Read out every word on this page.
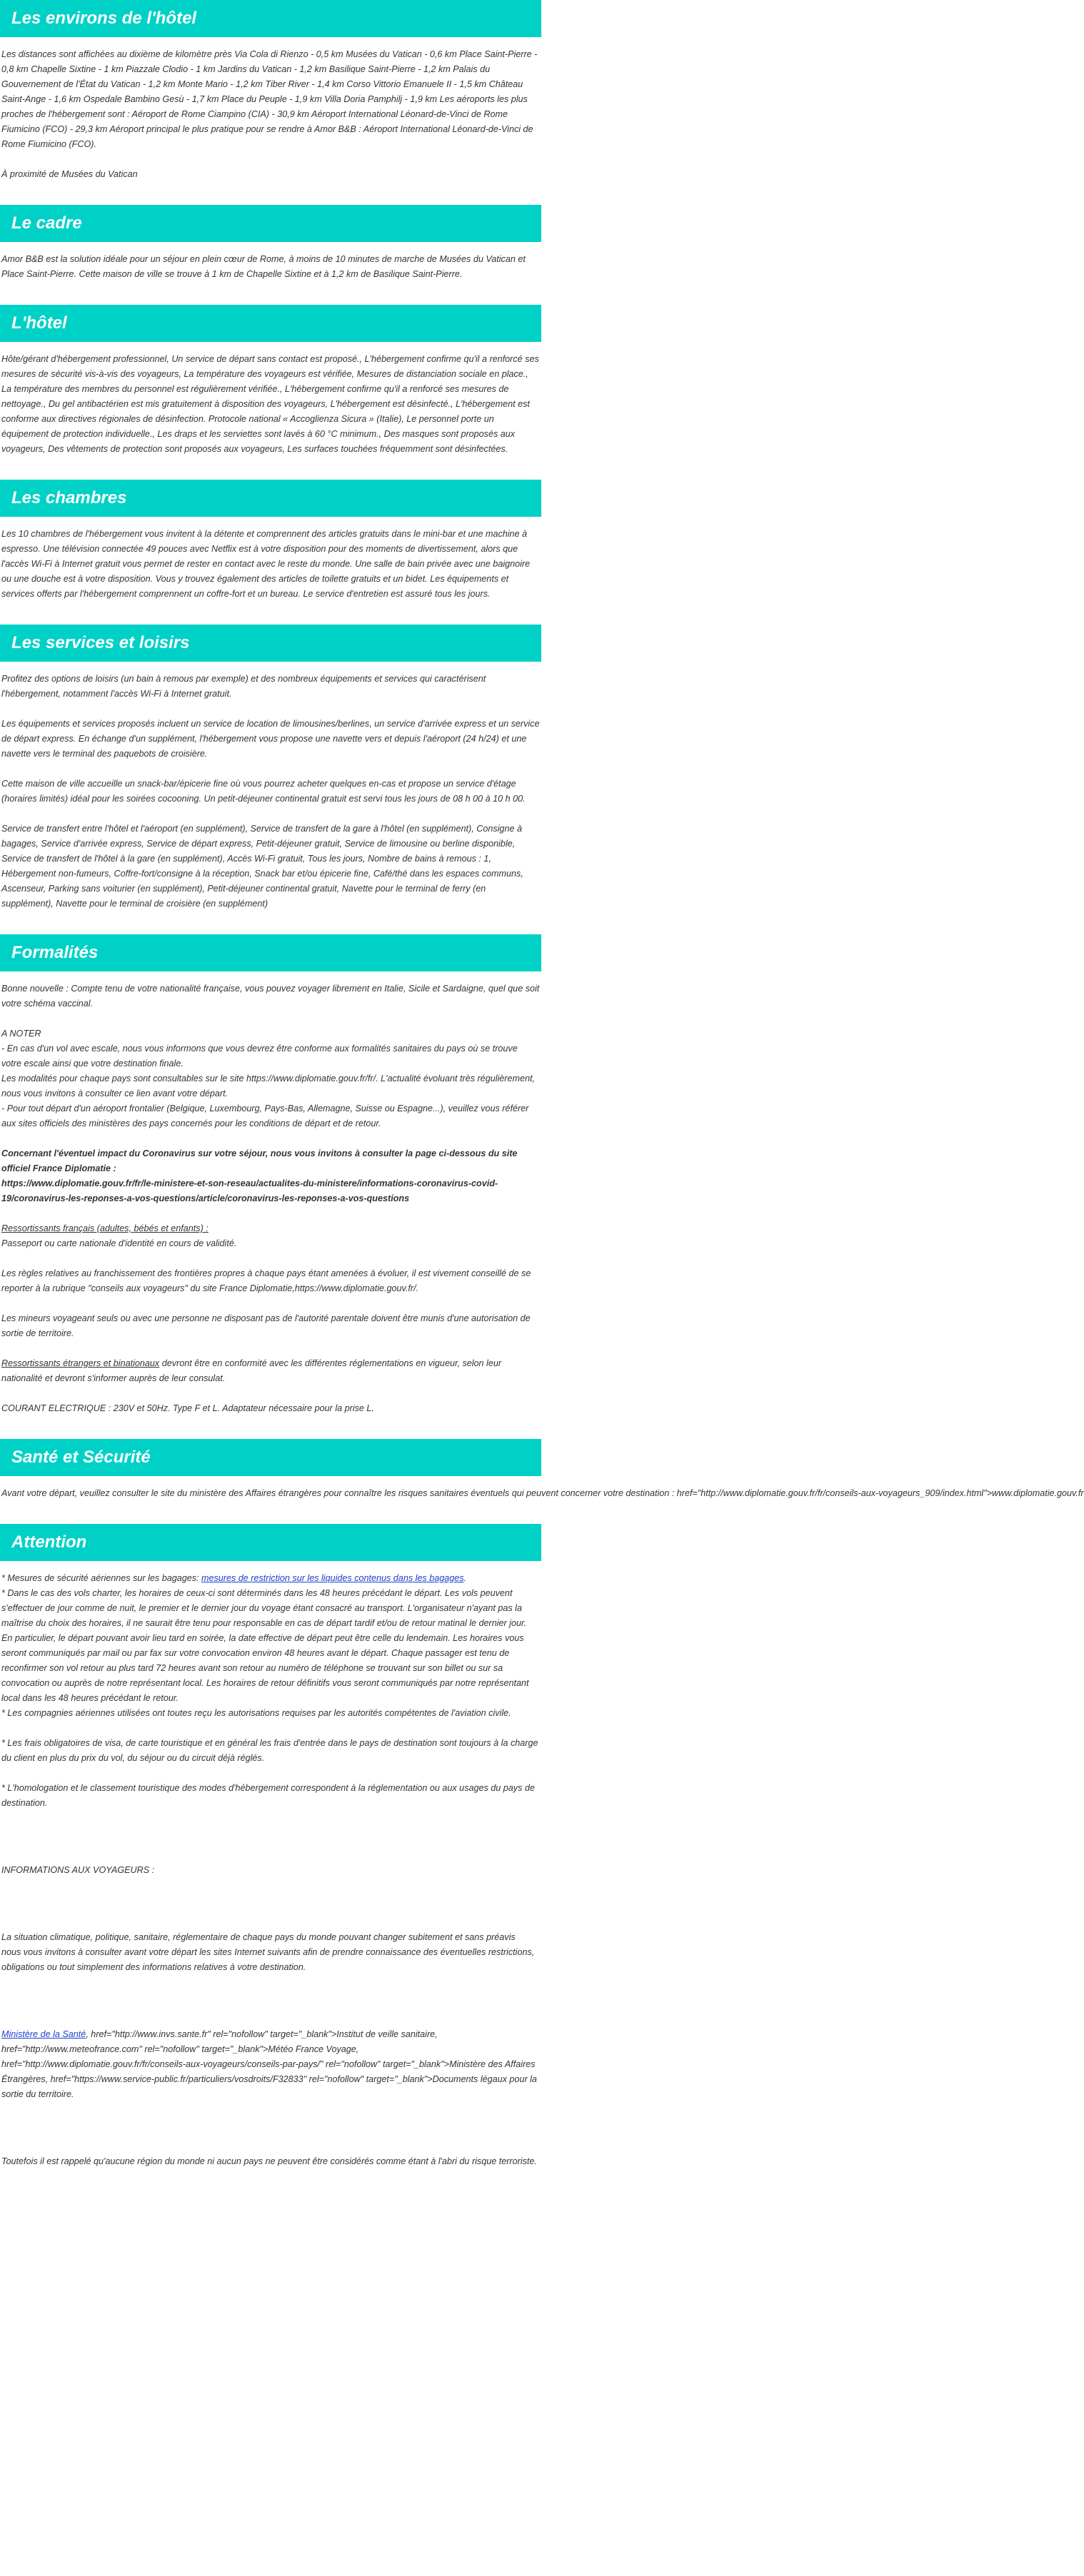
Les environs de l'hôtel

Les distances sont affichées au dixième de kilomètre près Via Cola di Rienzo - 0,5 km Musées du Vatican - 0,6 km Place Saint-Pierre - 0,8 km Chapelle Sixtine - 1 km Piazzale Clodio - 1 km Jardins du Vatican - 1,2 km Basilique Saint-Pierre - 1,2 km Palais du Gouvernement de l'État du Vatican - 1,2 km Monte Mario - 1,2 km Tiber River - 1,4 km Corso Vittorio Emanuele II - 1,5 km Château Saint-Ange - 1,6 km Ospedale Bambino Gesù - 1,7 km Place du Peuple - 1,9 km Villa Doria Pamphilj - 1,9 km Les aéroports les plus proches de l'hébergement sont : Aéroport de Rome Ciampino (CIA) - 30,9 km Aéroport International Léonard-de-Vinci de Rome Fiumicino (FCO) - 29,3 km Aéroport principal le plus pratique pour se rendre à Amor B&B : Aéroport International Léonard-de-Vinci de Rome Fiumicino (FCO).

À proximité de Musées du Vatican

Le cadre

Amor B&B est la solution idéale pour un séjour en plein cœur de Rome, à moins de 10 minutes de marche de Musées du Vatican et Place Saint-Pierre. Cette maison de ville se trouve à 1 km de Chapelle Sixtine et à 1,2 km de Basilique Saint-Pierre.

L'hôtel

Hôte/gérant d'hébergement professionnel, Un service de départ sans contact est proposé., L'hébergement confirme qu'il a renforcé ses mesures de sécurité vis-à-vis des voyageurs, La température des voyageurs est vérifiée, Mesures de distanciation sociale en place., La température des membres du personnel est régulièrement vérifiée., L'hébergement confirme qu'il a renforcé ses mesures de nettoyage., Du gel antibactérien est mis gratuitement à disposition des voyageurs, L'hébergement est désinfecté., L'hébergement est conforme aux directives régionales de désinfection. Protocole national « Accoglienza Sicura » (Italie), Le personnel porte un équipement de protection individuelle., Les draps et les serviettes sont lavés à 60 °C minimum., Des masques sont proposés aux voyageurs, Des vêtements de protection sont proposés aux voyageurs, Les surfaces touchées fréquemment sont désinfectées.

Les chambres

Les 10 chambres de l'hébergement vous invitent à la détente et comprennent des articles gratuits dans le mini-bar et une machine à espresso. Une télévision connectée 49 pouces avec Netflix est à votre disposition pour des moments de divertissement, alors que l'accès Wi-Fi à Internet gratuit vous permet de rester en contact avec le reste du monde. Une salle de bain privée avec une baignoire ou une douche est à votre disposition. Vous y trouvez également des articles de toilette gratuits et un bidet. Les équipements et services offerts par l'hébergement comprennent un coffre-fort et un bureau. Le service d'entretien est assuré tous les jours.

Les services et loisirs

Profitez des options de loisirs (un bain à remous par exemple) et des nombreux équipements et services qui caractérisent l'hébergement, notamment l'accès Wi-Fi à Internet gratuit.

Les équipements et services proposés incluent un service de location de limousines/berlines, un service d'arrivée express et un service de départ express. En échange d'un supplément, l'hébergement vous propose une navette vers et depuis l'aéroport (24 h/24) et une navette vers le terminal des paquebots de croisière.

Cette maison de ville accueille un snack-bar/épicerie fine où vous pourrez acheter quelques en-cas et propose un service d'étage (horaires limités) idéal pour les soirées cocooning. Un petit-déjeuner continental gratuit est servi tous les jours de 08 h 00 à 10 h 00.

Service de transfert entre l'hôtel et l'aéroport (en supplément), Service de transfert de la gare à l'hôtel (en supplément), Consigne à bagages, Service d'arrivée express, Service de départ express, Petit-déjeuner gratuit, Service de limousine ou berline disponible, Service de transfert de l'hôtel à la gare (en supplément), Accès Wi-Fi gratuit, Tous les jours, Nombre de bains à remous : 1, Hébergement non-fumeurs, Coffre-fort/consigne à la réception, Snack bar et/ou épicerie fine, Café/thé dans les espaces communs, Ascenseur, Parking sans voiturier (en supplément), Petit-déjeuner continental gratuit, Navette pour le terminal de ferry (en supplément), Navette pour le terminal de croisière (en supplément)

Formalités

Bonne nouvelle : Compte tenu de votre nationalité française, vous pouvez voyager librement en Italie, Sicile et Sardaigne, quel que soit votre schéma vaccinal.

A NOTER
- En cas d'un vol avec escale, nous vous informons que vous devrez être conforme aux formalités sanitaires du pays où se trouve votre escale ainsi que votre destination finale.
Les modalités pour chaque pays sont consultables sur le site https://www.diplomatie.gouv.fr/fr/. L'actualité évoluant très régulièrement, nous vous invitons à consulter ce lien avant votre départ.
- Pour tout départ d'un aéroport frontalier (Belgique, Luxembourg, Pays-Bas, Allemagne, Suisse ou Espagne...), veuillez vous référer aux sites officiels des ministères des pays concernés pour les conditions de départ et de retour.

Concernant l'éventuel impact du Coronavirus sur votre séjour, nous vous invitons à consulter la page ci-dessous du site officiel France Diplomatie :
https://www.diplomatie.gouv.fr/fr/le-ministere-et-son-reseau/actualites-du-ministere/informations-coronavirus-covid-19/coronavirus-les-reponses-a-vos-questions/article/coronavirus-les-reponses-a-vos-questions

Ressortissants français (adultes, bébés et enfants) :
Passeport ou carte nationale d'identité en cours de validité.

Les règles relatives au franchissement des frontières propres à chaque pays étant amenées à évoluer, il est vivement conseillé de se reporter à la rubrique "conseils aux voyageurs" du site France Diplomatie,https://www.diplomatie.gouv.fr/.

Les mineurs voyageant seuls ou avec une personne ne disposant pas de l'autorité parentale doivent être munis d'une autorisation de sortie de territoire.

Ressortissants étrangers et binationaux devront être en conformité avec les différentes réglementations en vigueur, selon leur nationalité et devront s'informer auprès de leur consulat.

COURANT ELECTRIQUE : 230V et 50Hz. Type F et L. Adaptateur nécessaire pour la prise L.

Santé et Sécurité

Avant votre départ, veuillez consulter le site du ministère des Affaires étrangères pour connaître les risques sanitaires éventuels qui peuvent concerner votre destination : href="http://www.diplomatie.gouv.fr/fr/conseils-aux-voyageurs_909/index.html">www.diplomatie.gouv.fr

Attention

* Mesures de sécurité aériennes sur les bagages: mesures de restriction sur les liquides contenus dans les bagages.
* Dans le cas des vols charter, les horaires de ceux-ci sont déterminés dans les 48 heures précédant le départ. Les vols peuvent s'effectuer de jour comme de nuit, le premier et le dernier jour du voyage étant consacré au transport. L'organisateur n'ayant pas la maîtrise du choix des horaires, il ne saurait être tenu pour responsable en cas de départ tardif et/ou de retour matinal le dernier jour. En particulier, le départ pouvant avoir lieu tard en soirée, la date effective de départ peut être celle du lendemain. Les horaires vous seront communiqués par mail ou par fax sur votre convocation environ 48 heures avant le départ. Chaque passager est tenu de reconfirmer son vol retour au plus tard 72 heures avant son retour au numéro de téléphone se trouvant sur son billet ou sur sa convocation ou auprès de notre représentant local. Les horaires de retour définitifs vous seront communiqués par notre représentant local dans les 48 heures précédant le retour.
* Les compagnies aériennes utilisées ont toutes reçu les autorisations requises par les autorités compétentes de l'aviation civile.

* Les frais obligatoires de visa, de carte touristique et en général les frais d'entrée dans le pays de destination sont toujours à la charge du client en plus du prix du vol, du séjour ou du circuit déjà réglés.

* L'homologation et le classement touristique des modes d'hébergement correspondent à la réglementation ou aux usages du pays de destination.

INFORMATIONS AUX VOYAGEURS :

La situation climatique, politique, sanitaire, réglementaire de chaque pays du monde pouvant changer subitement et sans préavis
nous vous invitons à consulter avant votre départ les sites Internet suivants afin de prendre connaissance des éventuelles restrictions, obligations ou tout simplement des informations relatives à votre destination.

Ministère de la Santé, href="http://www.invs.sante.fr" rel="nofollow" target="_blank">Institut de veille sanitaire, href="http://www.meteofrance.com" rel="nofollow" target="_blank">Météo France Voyage, href="http://www.diplomatie.gouv.fr/fr/conseils-aux-voyageurs/conseils-par-pays/" rel="nofollow" target="_blank">Ministère des Affaires Étrangères, href="https://www.service-public.fr/particuliers/vosdroits/F32833" rel="nofollow" target="_blank">Documents légaux pour la sortie du territoire.

Toutefois il est rappelé qu'aucune région du monde ni aucun pays ne peuvent être considérés comme étant à l'abri du risque terroriste.
